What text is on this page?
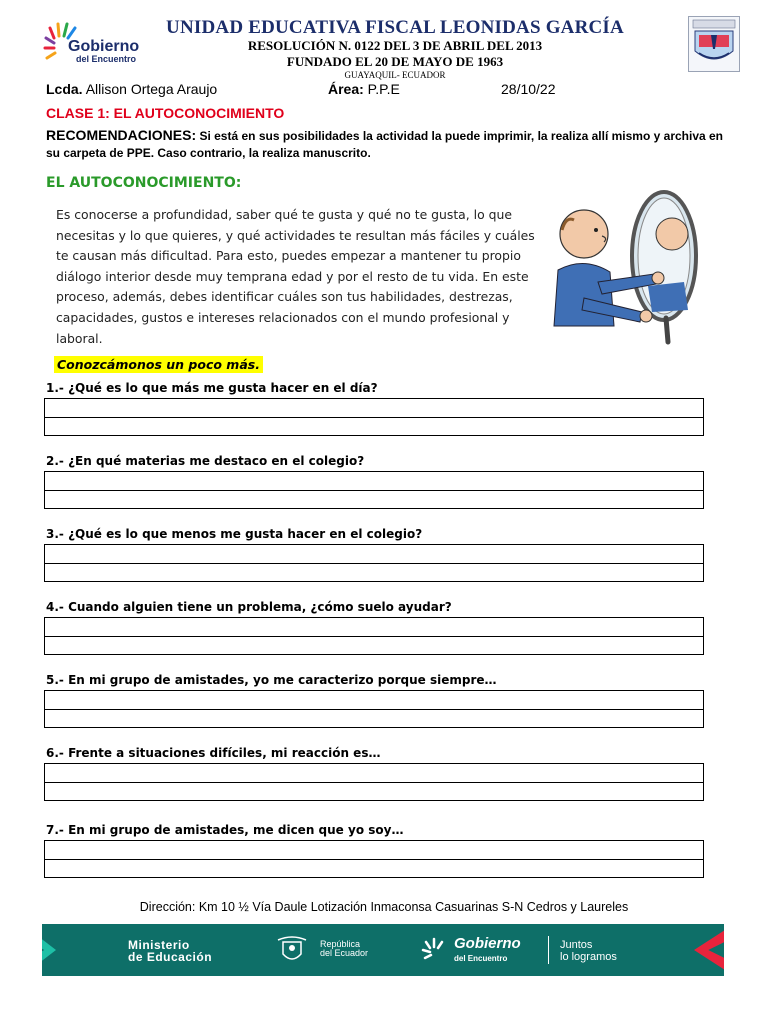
Gobierno
del Encuentro
UNIDAD EDUCATIVA FISCAL LEONIDAS GARCÍA
RESOLUCIÓN N. 0122 DEL 3 DE ABRIL DEL 2013
FUNDADO EL 20 DE MAYO DE 1963
GUAYAQUIL- ECUADOR
Lcda. Allison Ortega Araujo	Área: P.P.E	28/10/22
CLASE 1: EL AUTOCONOCIMIENTO
RECOMENDACIONES: Si está en sus posibilidades la actividad la puede imprimir, la realiza allí mismo y archiva en su carpeta de PPE. Caso contrario, la realiza manuscrito.
EL AUTOCONOCIMIENTO:
Es conocerse a profundidad, saber qué te gusta y qué no te gusta, lo que necesitas y lo que quieres, y qué actividades te resultan más fáciles y cuáles te causan más dificultad. Para esto, puedes empezar a mantener tu propio diálogo interior desde muy temprana edad y por el resto de tu vida. En este proceso, además, debes identificar cuáles son tus habilidades, destrezas, capacidades, gustos e intereses relacionados con el mundo profesional y laboral.
Conozcámonos un poco más.
1.- ¿Qué es lo que más me gusta hacer en el día?
2.- ¿En qué materias me destaco en el colegio?
3.- ¿Qué es lo que menos me gusta hacer en el colegio?
4.- Cuando alguien tiene un problema, ¿cómo suelo ayudar?
5.- En mi grupo de amistades, yo me caracterizo porque siempre…
6.- Frente a situaciones difíciles, mi reacción es…
7.- En mi grupo de amistades, me dicen que yo soy…
Dirección: Km 10 ½ Vía Daule Lotización Inmaconsa Casuarinas S-N Cedros y Laureles
Ministerio
de Educación
República
del Ecuador
Gobierno
del Encuentro
Juntos
lo logramos
